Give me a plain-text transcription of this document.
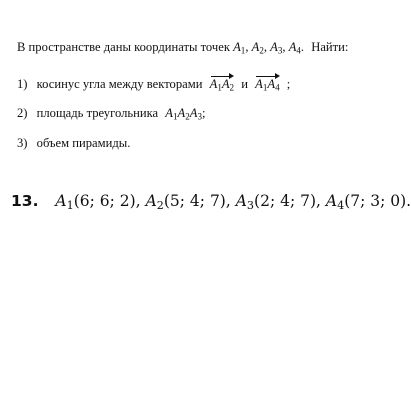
В пространстве даны координаты точек $A_1$, $A_2$, $A_3$, $A_4$. Найти:
1) косинус угла между векторами $A_1A_2$ и $A_1A_4$ ;
2) площадь треугольника $A_1A_2A_3$;
3) объем пирамиды.
13. $A_1(6$; 6; 2), $A_2(5$; 4; 7), $A_3(2$; 4; 7), $A_4(7$; 3; 0).
